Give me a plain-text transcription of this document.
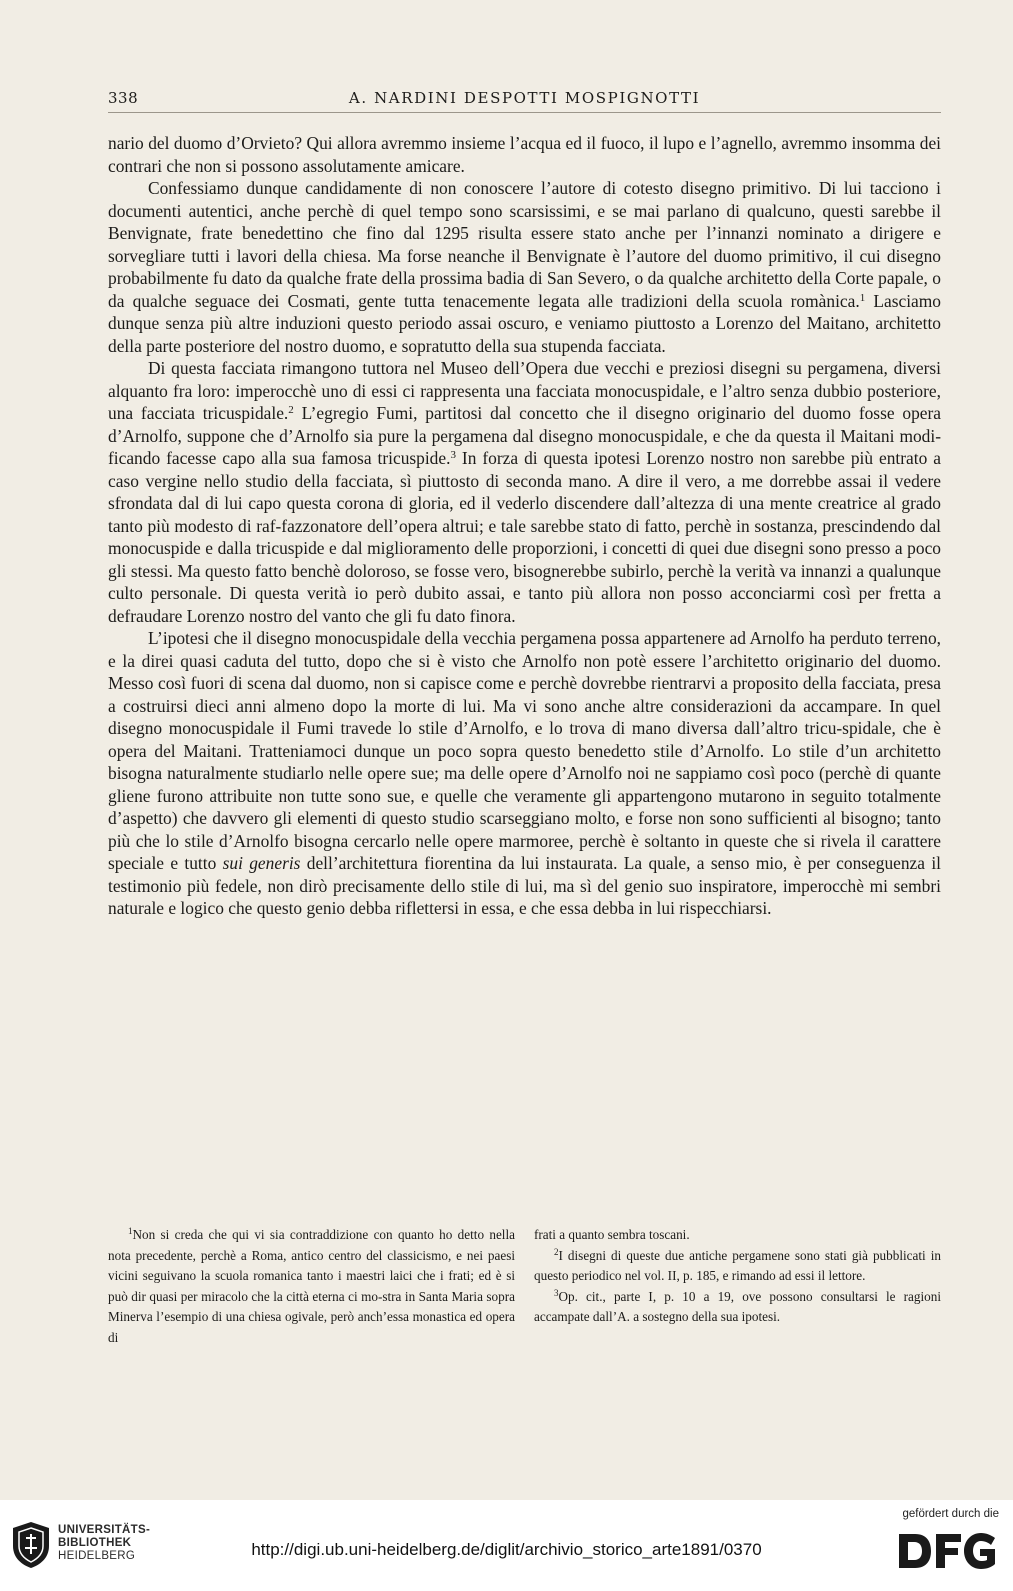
338	A. NARDINI DESPOTTI MOSPIGNOTTI

nario del duomo d’Orvieto? Qui allora avremmo insieme l’acqua ed il fuoco, il lupo e l’agnello, avremmo insomma dei contrari che non si possono assolutamente amicare.

Confessiamo dunque candidamente di non conoscere l’autore di cotesto disegno primitivo. Di lui tacciono i documenti autentici, anche perchè di quel tempo sono scarsissimi, e se mai parlano di qualcuno, questi sarebbe il Benvignate, frate benedettino che fino dal 1295 risulta essere stato anche per l’innanzi nominato a dirigere e sorvegliare tutti i lavori della chiesa. Ma forse neanche il Benvignate è l’autore del duomo primitivo, il cui disegno probabilmente fu dato da qualche frate della prossima badia di San Severo, o da qualche architetto della Corte papale, o da qualche seguace dei Cosmati, gente tutta tenacemente legata alle tradizioni della scuola romànica.$^1$ Lasciamo dunque senza più altre induzioni questo periodo assai oscuro, e veniamo piuttosto a Lorenzo del Maitano, architetto della parte posteriore del nostro duomo, e sopratutto della sua stupenda facciata.

Di questa facciata rimangono tuttora nel Museo dell’Opera due vecchi e preziosi disegni su pergamena, diversi alquanto fra loro: imperocchè uno di essi ci rappresenta una facciata monocuspidale, e l’altro senza dubbio posteriore, una facciata tricuspidale.$^2$ L’egregio Fumi, partitosi dal concetto che il disegno originario del duomo fosse opera d’Arnolfo, suppone che d’Arnolfo sia pure la pergamena dal disegno monocuspidale, e che da questa il Maitani modi-ficando facesse capo alla sua famosa tricuspide.$^3$ In forza di questa ipotesi Lorenzo nostro non sarebbe più entrato a caso vergine nello studio della facciata, sì piuttosto di seconda mano. A dire il vero, a me dorrebbe assai il vedere sfrondata dal di lui capo questa corona di gloria, ed il vederlo discendere dall’altezza di una mente creatrice al grado tanto più modesto di raf-fazzonatore dell’opera altrui; e tale sarebbe stato di fatto, perchè in sostanza, prescindendo dal monocuspide e dalla tricuspide e dal miglioramento delle proporzioni, i concetti di quei due disegni sono presso a poco gli stessi. Ma questo fatto benchè doloroso, se fosse vero, bisognerebbe subirlo, perchè la verità va innanzi a qualunque culto personale. Di questa verità io però dubito assai, e tanto più allora non posso acconciarmi così per fretta a defraudare Lorenzo nostro del vanto che gli fu dato finora.

L’ipotesi che il disegno monocuspidale della vecchia pergamena possa appartenere ad Arnolfo ha perduto terreno, e la direi quasi caduta del tutto, dopo che si è visto che Arnolfo non potè essere l’architetto originario del duomo. Messo così fuori di scena dal duomo, non si capisce come e perchè dovrebbe rientrarvi a proposito della facciata, presa a costruirsi dieci anni almeno dopo la morte di lui. Ma vi sono anche altre considerazioni da accampare. In quel disegno monocuspidale il Fumi travede lo stile d’Arnolfo, e lo trova di mano diversa dall’altro tricu-spidale, che è opera del Maitani. Tratteniamoci dunque un poco sopra questo benedetto stile d’Arnolfo. Lo stile d’un architetto bisogna naturalmente studiarlo nelle opere sue; ma delle opere d’Arnolfo noi ne sappiamo così poco (perchè di quante gliene furono attribuite non tutte sono sue, e quelle che veramente gli appartengono mutarono in seguito totalmente d’aspetto) che davvero gli elementi di questo studio scarseggiano molto, e forse non sono sufficienti al bisogno; tanto più che lo stile d’Arnolfo bisogna cercarlo nelle opere marmoree, perchè è soltanto in queste che si rivela il carattere speciale e tutto sui generis dell’architettura fiorentina da lui instaurata. La quale, a senso mio, è per conseguenza il testimonio più fedele, non dirò precisamente dello stile di lui, ma sì del genio suo inspiratore, imperocchè mi sembri naturale e logico che questo genio debba riflettersi in essa, e che essa debba in lui rispecchiarsi.

$^1$Non si creda che qui vi sia contraddizione con quanto ho detto nella nota precedente, perchè a Roma, antico centro del classicismo, e nei paesi vicini seguivano la scuola romanica tanto i maestri laici che i frati; ed è si può dir quasi per miracolo che la città eterna ci mo-stra in Santa Maria sopra Minerva l’esempio di una chiesa ogivale, però anch’essa monastica ed opera di

frati a quanto sembra toscani.

$^2$I disegni di queste due antiche pergamene sono stati già pubblicati in questo periodico nel vol. II, p. 185, e rimando ad essi il lettore.

$^3$Op. cit., parte I, p. 10 a 19, ove possono consultarsi le ragioni accampate dall’A. a sostegno della sua ipotesi.

UNIVERSITÄTS-
BIBLIOTHEK
HEIDELBERG	http://digi.ub.uni-heidelberg.de/diglit/archivio_storico_arte1891/0370
gefördert durch die
